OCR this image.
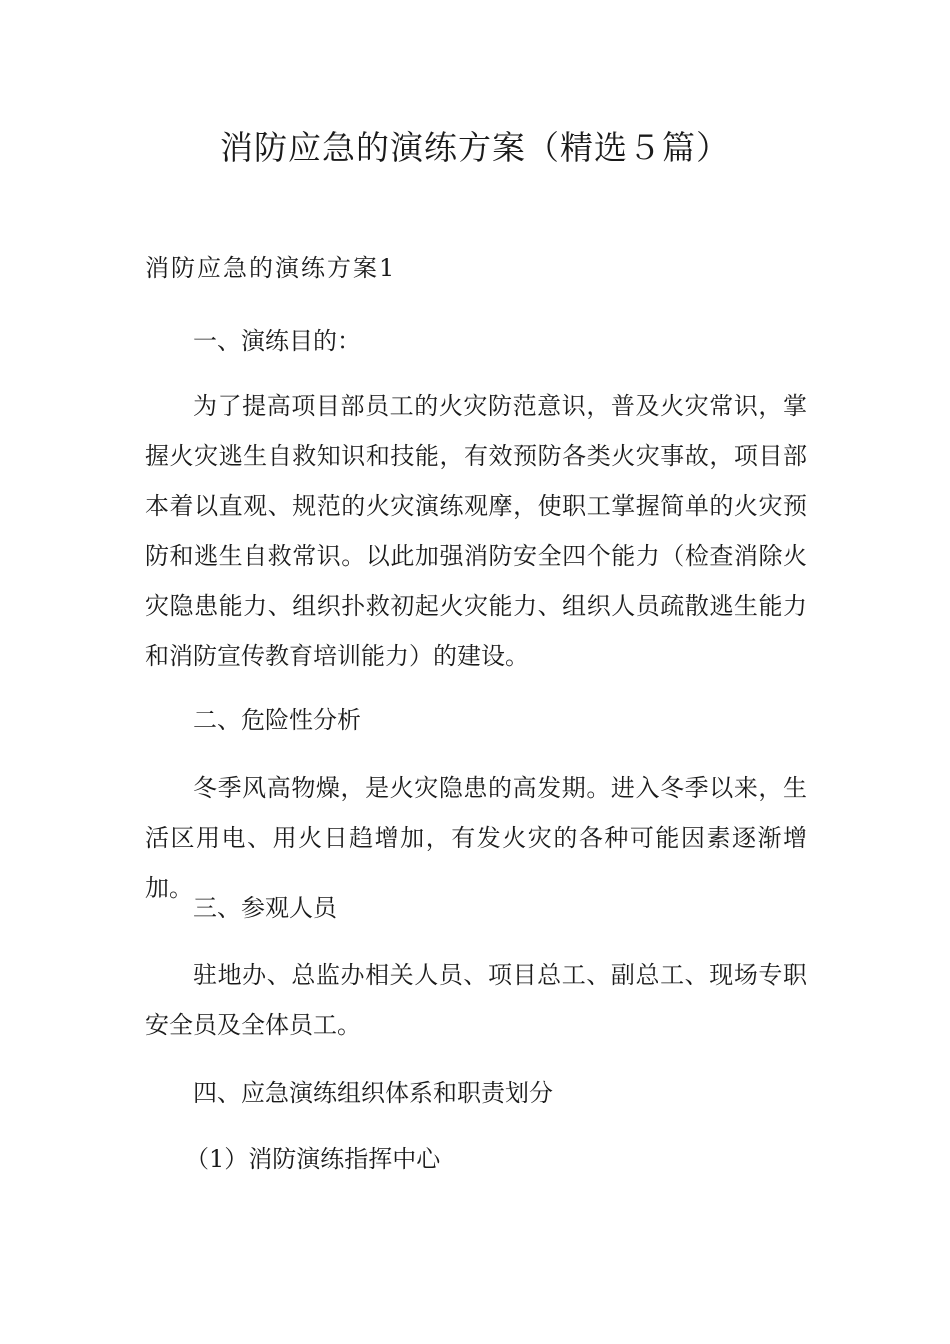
消防应急的演练方案（精选５篇）
消防应急的演练方案1

一、演练目的：

为了提高项目部员工的火灾防范意识，普及火灾常识，掌握火灾逃生自救知识和技能，有效预防各类火灾事故，项目部本着以直观、规范的火灾演练观摩，使职工掌握简单的火灾预防和逃生自救常识。以此加强消防安全四个能力（检查消除火灾隐患能力、组织扑救初起火灾能力、组织人员疏散逃生能力和消防宣传教育培训能力）的建设。

二、危险性分析

冬季风高物燥，是火灾隐患的高发期。进入冬季以来，生活区用电、用火日趋增加，有发火灾的各种可能因素逐渐增加。

三、参观人员

驻地办、总监办相关人员、项目总工、副总工、现场专职安全员及全体员工。

四、应急演练组织体系和职责划分

（1）消防演练指挥中心
